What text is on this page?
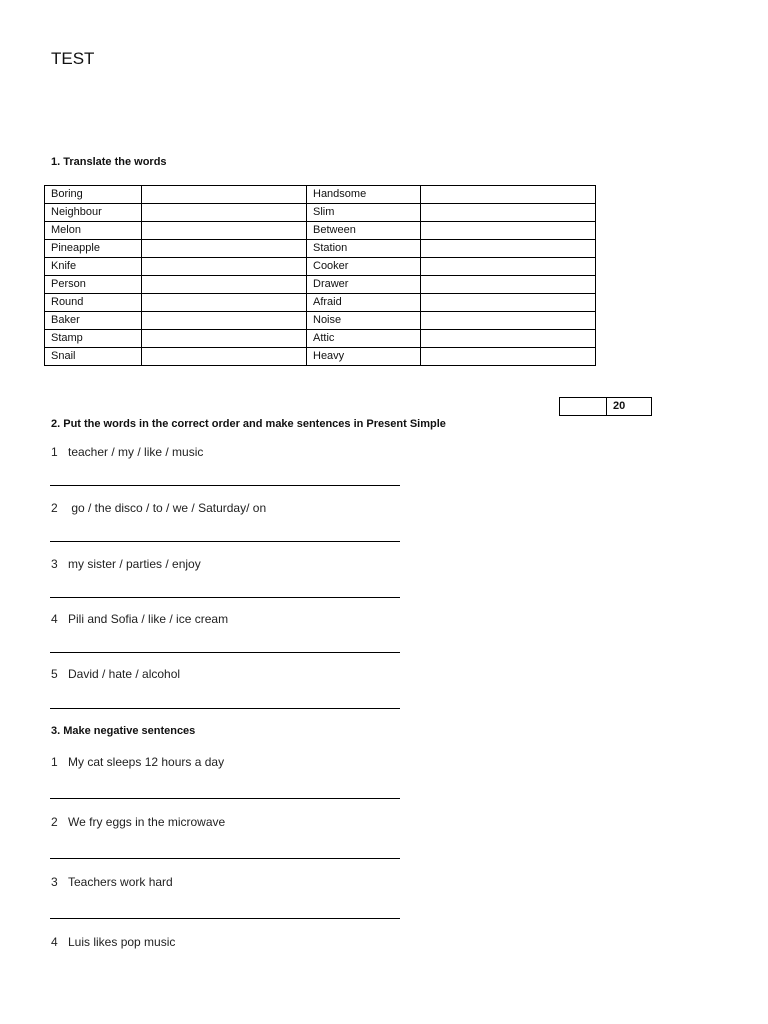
TEST
1. Translate the words
Boring		Handsome	
Neighbour		Slim	
Melon		Between	
Pineapple		Station	
Knife		Cooker	
Person		Drawer	
Round		Afraid	
Baker		Noise	
Stamp		Attic	
Snail		Heavy	
	20
2. Put the words in the correct order and make sentences in Present Simple
1 teacher / my / like / music
2 go / the disco / to / we / Saturday/ on
3 my sister / parties / enjoy
4 Pili and Sofia / like / ice cream
5 David / hate / alcohol
3. Make negative sentences
1 My cat sleeps 12 hours a day
2 We fry eggs in the microwave
3 Teachers work hard
4 Luis likes pop music
